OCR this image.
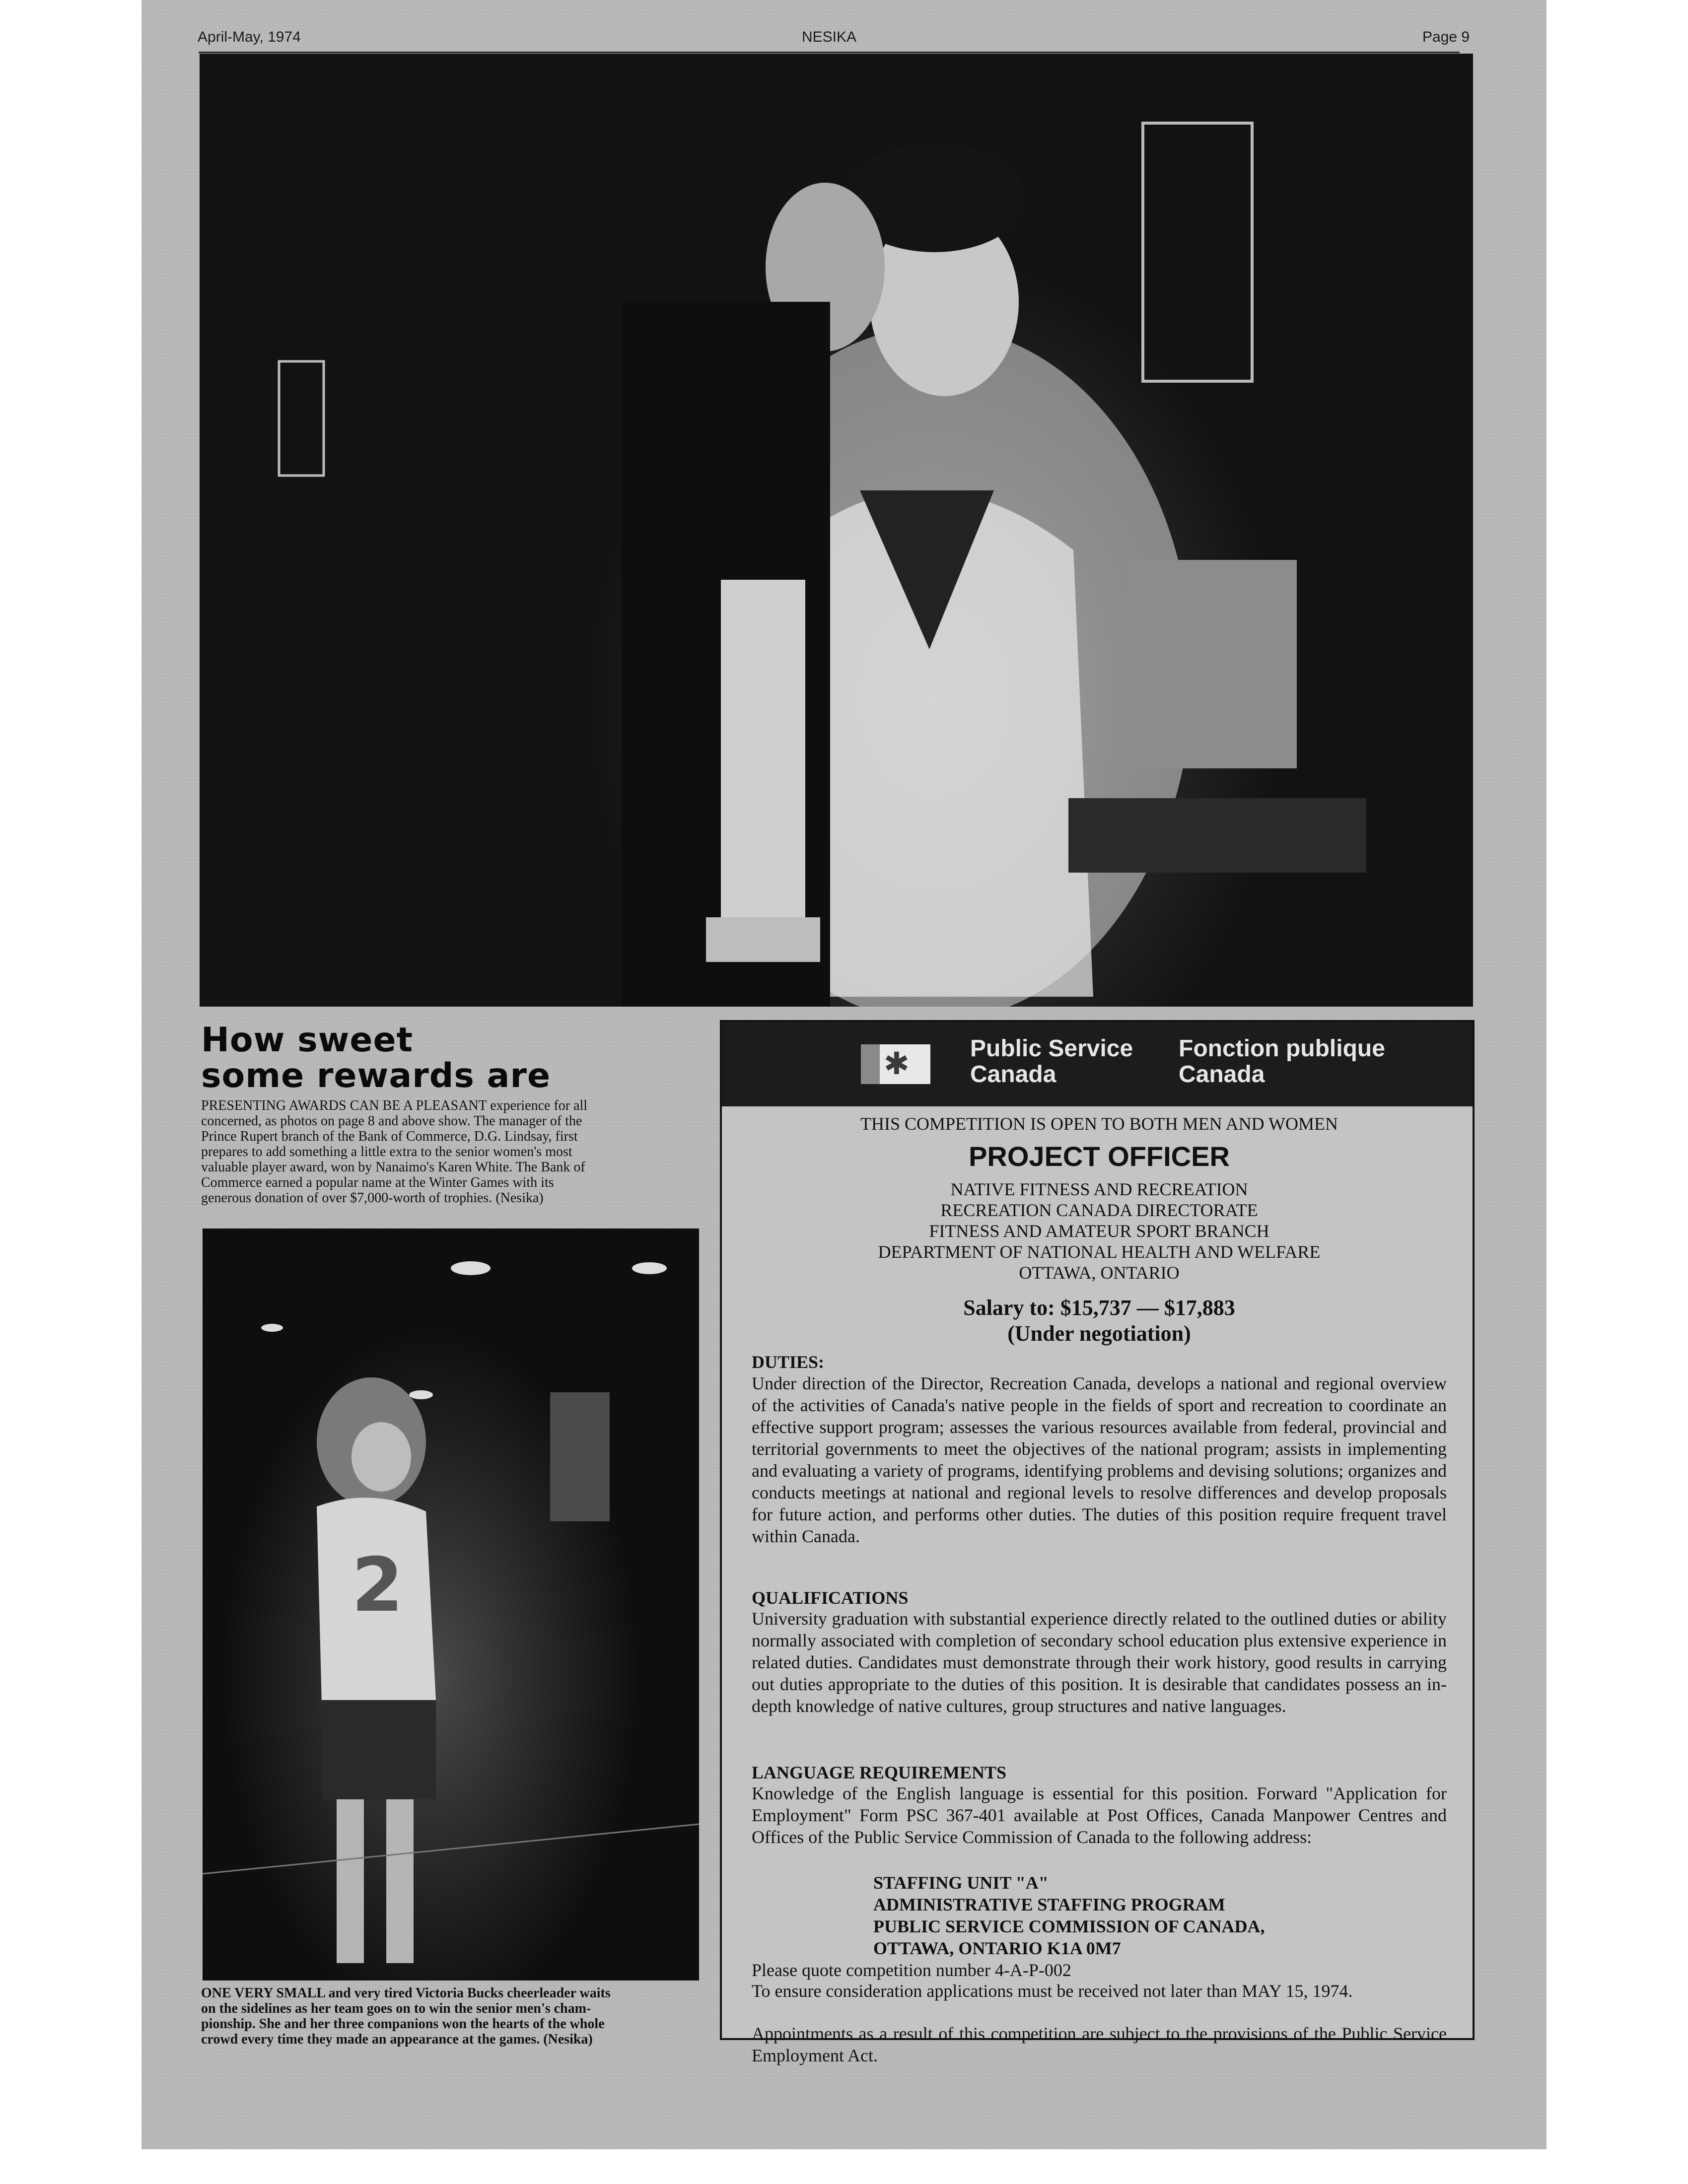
April-May, 1974	NESIKA	Page 9
How sweet
some rewards are
PRESENTING AWARDS CAN BE A PLEASANT experience for all
concerned, as photos on page 8 and above show. The manager of the
Prince Rupert branch of the Bank of Commerce, D.G. Lindsay, first
prepares to add something a little extra to the senior women's most
valuable player award, won by Nanaimo's Karen White. The Bank of
Commerce earned a popular name at the Winter Games with its
generous donation of over $7,000-worth of trophies. (Nesika)
2
ONE VERY SMALL and very tired Victoria Bucks cheerleader waits
on the sidelines as her team goes on to win the senior men's cham-
pionship. She and her three companions won the hearts of the whole
crowd every time they made an appearance at the games. (Nesika)
✱	Public Service
Canada
Fonction publique
Canada
THIS COMPETITION IS OPEN TO BOTH MEN AND WOMEN
PROJECT OFFICER
NATIVE FITNESS AND RECREATION
RECREATION CANADA DIRECTORATE
FITNESS AND AMATEUR SPORT BRANCH
DEPARTMENT OF NATIONAL HEALTH AND WELFARE
OTTAWA, ONTARIO
Salary to: $15,737 — $17,883
(Under negotiation)
DUTIES:
Under direction of the Director, Recreation Canada, develops a national and regional overview of the activities of Canada's native people in the fields of sport and recreation to coordinate an effective support program; assesses the various resources available from federal, provincial and territorial governments to meet the objectives of the national program; assists in implementing and evaluating a variety of programs, identifying problems and devising solutions; organizes and conducts meetings at national and regional levels to resolve differences and develop proposals for future action, and performs other duties. The duties of this position require frequent travel within Canada.
QUALIFICATIONS
University graduation with substantial experience directly related to the outlined duties or ability normally associated with completion of secondary school education plus extensive experience in related duties. Candidates must demonstrate through their work history, good results in carrying out duties appropriate to the duties of this position. It is desirable that candidates possess an in-depth knowledge of native cultures, group structures and native languages.
LANGUAGE REQUIREMENTS
Knowledge of the English language is essential for this position. Forward "Application for Employment" Form PSC 367-401 available at Post Offices, Canada Manpower Centres and Offices of the Public Service Commission of Canada to the following address:
STAFFING UNIT "A"
ADMINISTRATIVE STAFFING PROGRAM
PUBLIC SERVICE COMMISSION OF CANADA,
OTTAWA, ONTARIO K1A 0M7
Please quote competition number 4-A-P-002
To ensure consideration applications must be received not later than MAY 15, 1974.
Appointments as a result of this competition are subject to the provisions of the Public Service Employment Act.
